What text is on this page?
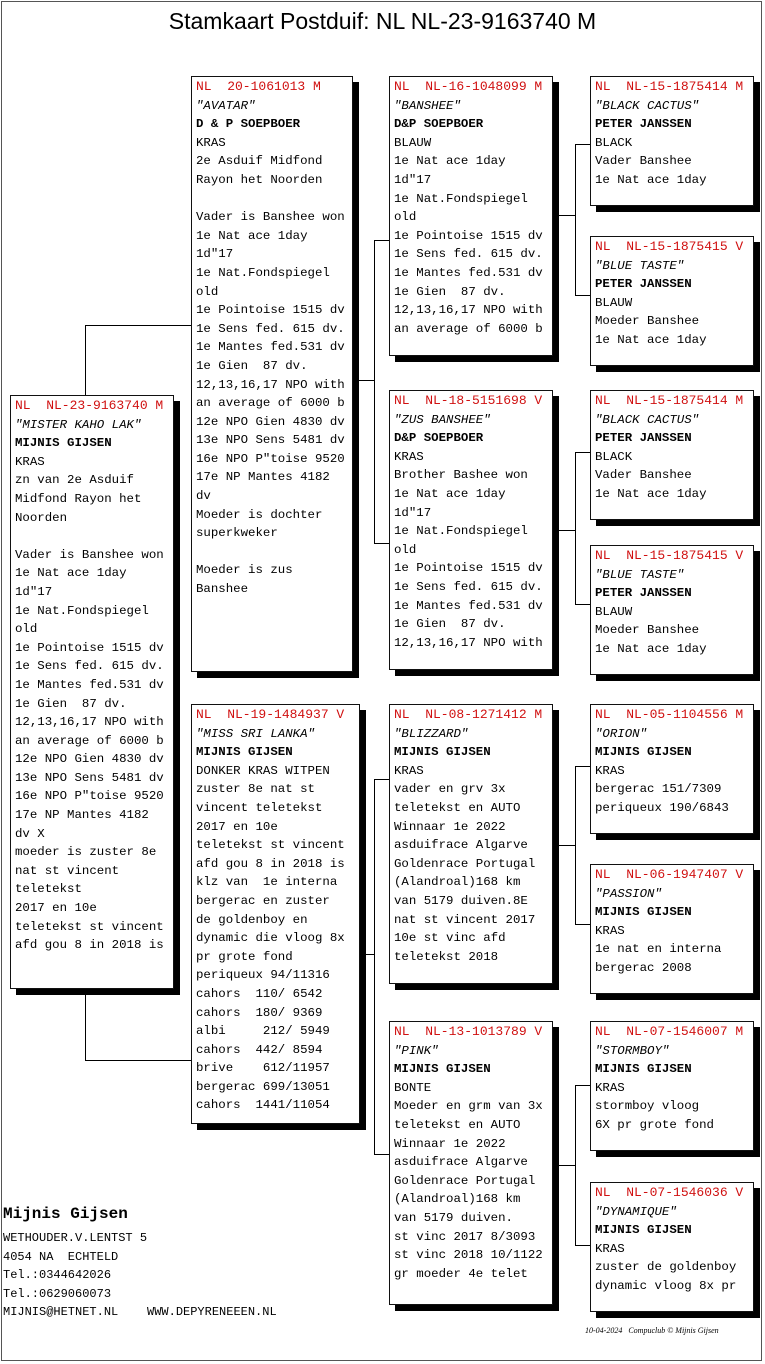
Stamkaart Postduif: NL NL-23-9163740 M
NL  NL-23-9163740 M
"MISTER KAHO LAK"
MIJNIS GIJSEN
KRAS
zn van 2e Asduif
Midfond Rayon het
Noorden
Vader is Banshee won
1e Nat ace 1day
1d"17
1e Nat.Fondspiegel
old
1e Pointoise 1515 dv
1e Sens fed. 615 dv.
1e Mantes fed.531 dv
1e Gien  87 dv.
12,13,16,17 NPO with
an average of 6000 b
12e NPO Gien 4830 dv
13e NPO Sens 5481 dv
16e NPO P"toise 9520
17e NP Mantes 4182
dv X
moeder is zuster 8e
nat st vincent
teletekst
2017 en 10e
teletekst st vincent
afd gou 8 in 2018 is
NL  20-1061013 M
"AVATAR"
D & P SOEPBOER
KRAS
2e Asduif Midfond
Rayon het Noorden
Vader is Banshee won
1e Nat ace 1day
1d"17
1e Nat.Fondspiegel
old
1e Pointoise 1515 dv
1e Sens fed. 615 dv.
1e Mantes fed.531 dv
1e Gien  87 dv.
12,13,16,17 NPO with
an average of 6000 b
12e NPO Gien 4830 dv
13e NPO Sens 5481 dv
16e NPO P"toise 9520
17e NP Mantes 4182
dv
Moeder is dochter
superkweker
Moeder is zus
Banshee
NL  NL-19-1484937 V
"MISS SRI LANKA"
MIJNIS GIJSEN
DONKER KRAS WITPEN
zuster 8e nat st
vincent teletekst
2017 en 10e
teletekst st vincent
afd gou 8 in 2018 is
klz van  1e interna
bergerac en zuster
de goldenboy en
dynamic die vloog 8x
pr grote fond
periqueux 94/11316
cahors  110/ 6542
cahors  180/ 9369
albi     212/ 5949
cahors  442/ 8594
brive    612/11957
bergerac 699/13051
cahors  1441/11054
NL  NL-16-1048099 M
"BANSHEE"
D&P SOEPBOER
BLAUW
1e Nat ace 1day
1d"17
1e Nat.Fondspiegel
old
1e Pointoise 1515 dv
1e Sens fed. 615 dv.
1e Mantes fed.531 dv
1e Gien  87 dv.
12,13,16,17 NPO with
an average of 6000 b
NL  NL-18-5151698 V
"ZUS BANSHEE"
D&P SOEPBOER
KRAS
Brother Bashee won
1e Nat ace 1day
1d"17
1e Nat.Fondspiegel
old
1e Pointoise 1515 dv
1e Sens fed. 615 dv.
1e Mantes fed.531 dv
1e Gien  87 dv.
12,13,16,17 NPO with
NL  NL-08-1271412 M
"BLIZZARD"
MIJNIS GIJSEN
KRAS
vader en grv 3x
teletekst en AUTO
Winnaar 1e 2022
asduifrace Algarve
Goldenrace Portugal
(Alandroal)168 km
van 5179 duiven.8E
nat st vincent 2017
10e st vinc afd
teletekst 2018
NL  NL-13-1013789 V
"PINK"
MIJNIS GIJSEN
BONTE
Moeder en grm van 3x
teletekst en AUTO
Winnaar 1e 2022
asduifrace Algarve
Goldenrace Portugal
(Alandroal)168 km
van 5179 duiven.
st vinc 2017 8/3093
st vinc 2018 10/1122
gr moeder 4e telet
NL  NL-15-1875414 M
"BLACK CACTUS"
PETER JANSSEN
BLACK
Vader Banshee
1e Nat ace 1day
NL  NL-15-1875415 V
"BLUE TASTE"
PETER JANSSEN
BLAUW
Moeder Banshee
1e Nat ace 1day
NL  NL-15-1875414 M
"BLACK CACTUS"
PETER JANSSEN
BLACK
Vader Banshee
1e Nat ace 1day
NL  NL-15-1875415 V
"BLUE TASTE"
PETER JANSSEN
BLAUW
Moeder Banshee
1e Nat ace 1day
NL  NL-05-1104556 M
"ORION"
MIJNIS GIJSEN
KRAS
bergerac 151/7309
periqueux 190/6843
NL  NL-06-1947407 V
"PASSION"
MIJNIS GIJSEN
KRAS
1e nat en interna
bergerac 2008
NL  NL-07-1546007 M
"STORMBOY"
MIJNIS GIJSEN
KRAS
stormboy vloog
6X pr grote fond
NL  NL-07-1546036 V
"DYNAMIQUE"
MIJNIS GIJSEN
KRAS
zuster de goldenboy
dynamic vloog 8x pr
Mijnis Gijsen
WETHOUDER.V.LENTST 5
4054 NA  ECHTELD
Tel.:0344642026
Tel.:0629060073
MIJNIS@HETNET.NL    WWW.DEPYRENEEEN.NL
10-04-2024   Compuclub © Mijnis Gijsen
